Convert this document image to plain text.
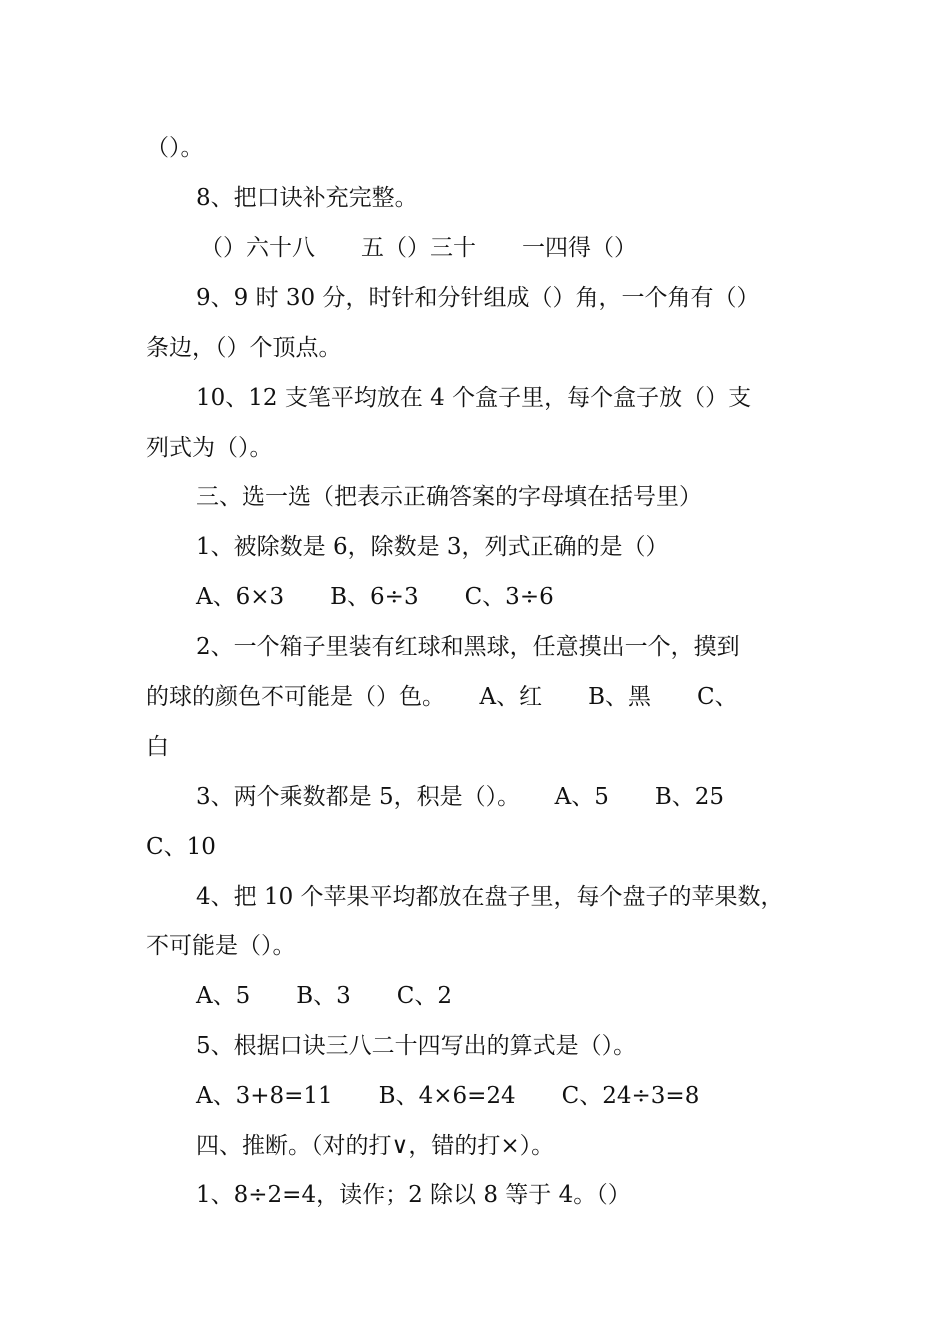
（）。
8、把口诀补充完整。
（）六十八　　五（）三十　　一四得（）
9、9 时 30 分，时针和分针组成（）角，一个角有（）
条边，（）个顶点。
10、12 支笔平均放在 4 个盒子里，每个盒子放（）支
列式为（）。
三、选一选（把表示正确答案的字母填在括号里）
1、被除数是 6，除数是 3，列式正确的是（）
A、6×3　　B、6÷3　　C、3÷6
2、一个箱子里装有红球和黑球，任意摸出一个，摸到
的球的颜色不可能是（）色。　　A、红　　B、黑　　C、
白
3、两个乘数都是 5，积是（）。　　A、5　　B、25
C、10
4、把 10 个苹果平均都放在盘子里，每个盘子的苹果数，
不可能是（）。
A、5　　B、3　　C、2
5、根据口诀三八二十四写出的算式是（）。
A、3+8=11　　B、4×6=24　　C、24÷3=8
四、推断。（对的打∨，错的打×）。
1、8÷2=4，读作；2 除以 8 等于 4。（）
